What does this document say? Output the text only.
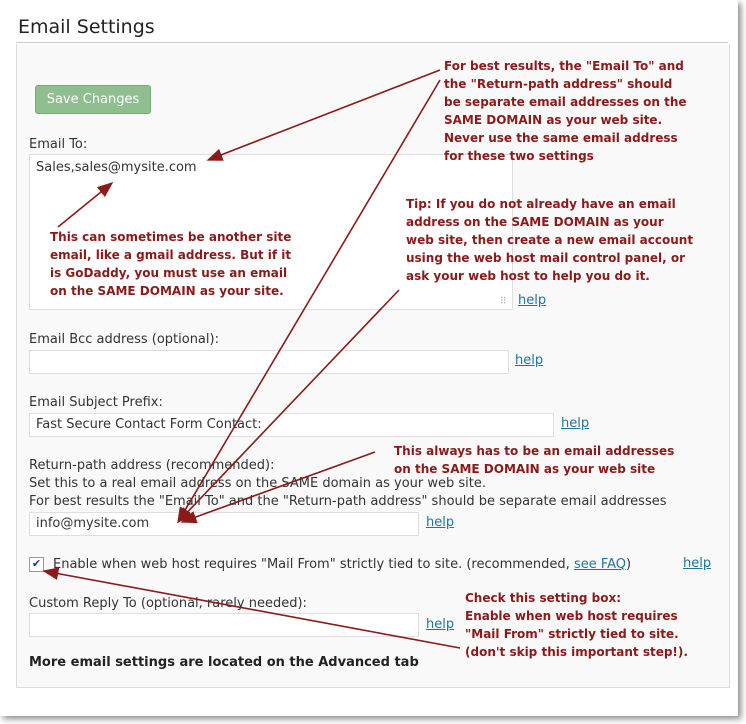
Email Settings
Save Changes
Email To:
Sales,sales@mysite.com
⠿ help
Email Bcc address (optional):
help
Email Subject Prefix:
Fast Secure Contact Form Contact:	help
Return-path address (recommended):
Set this to a real email address on the SAME domain as your web site.
For best results the "Email To" and the "Return-path address" should be separate email addresses
info@mysite.com	help
✔ Enable when web host requires "Mail From" strictly tied to site. (recommended, see FAQ)	help
Custom Reply To (optional, rarely needed):
help
More email settings are located on the Advanced tab
For best results, the "Email To" and
the "Return-path address" should
be separate email addresses on the
SAME DOMAIN as your web site.
Never use the same email address
for these two settings
Tip: If you do not already have an email
address on the SAME DOMAIN as your
web site, then create a new email account
using the web host mail control panel, or
ask your web host to help you do it.
This can sometimes be another site
email, like a gmail address. But if it
is GoDaddy, you must use an email
on the SAME DOMAIN as your site.
This always has to be an email addresses
on the SAME DOMAIN as your web site
Check this setting box:
Enable when web host requires
"Mail From" strictly tied to site.
(don't skip this important step!).
